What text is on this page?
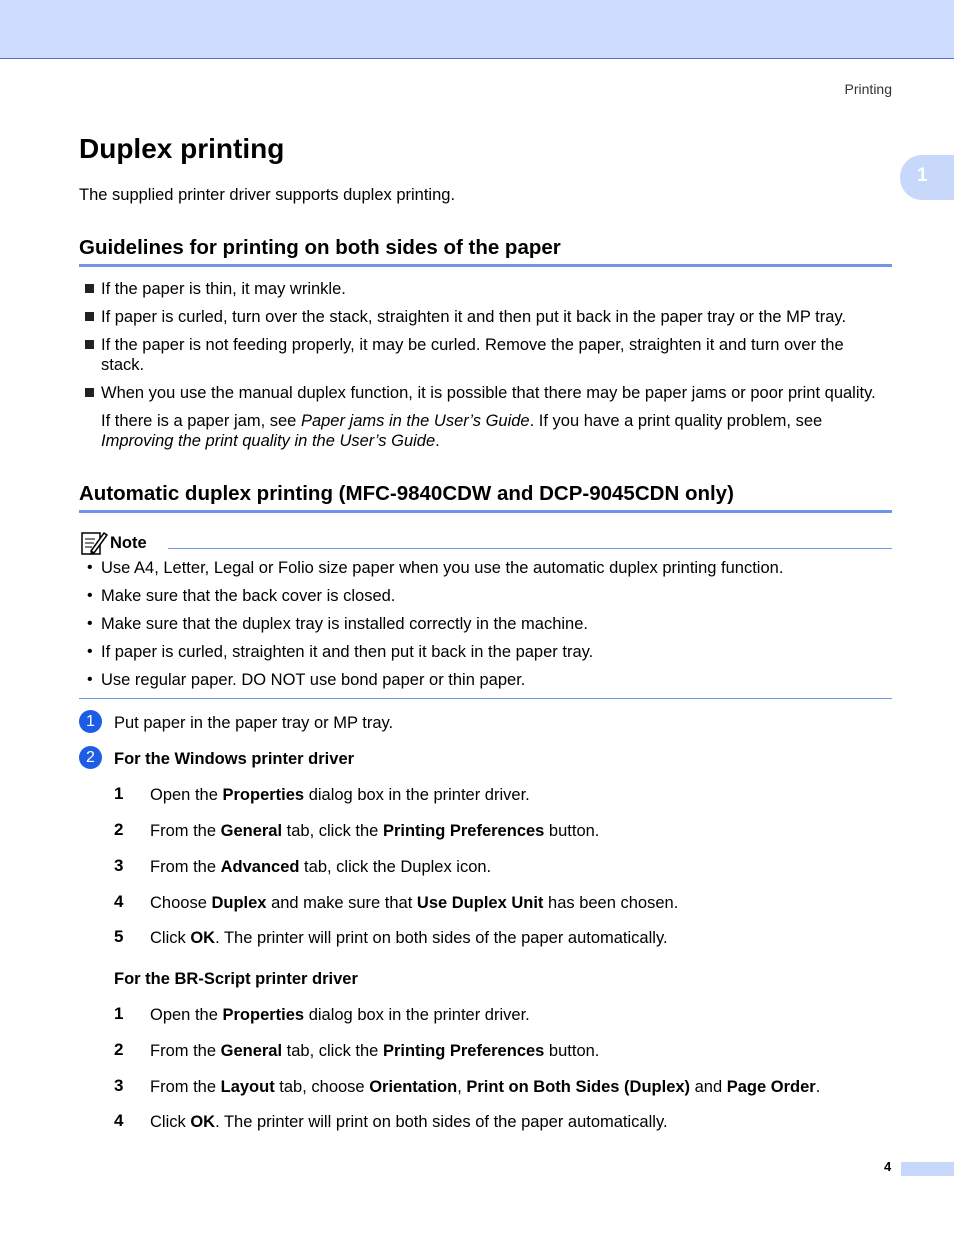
Printing
1
Duplex printing

The supplied printer driver supports duplex printing.

Guidelines for printing on both sides of the paper

If the paper is thin, it may wrinkle.

If paper is curled, turn over the stack, straighten it and then put it back in the paper tray or the MP tray.

If the paper is not feeding properly, it may be curled. Remove the paper, straighten it and turn over the

stack.

When you use the manual duplex function, it is possible that there may be paper jams or poor print quality.

If there is a paper jam, see Paper jams in the User’s Guide. If you have a print quality problem, see

Improving the print quality in the User’s Guide.

Automatic duplex printing (MFC-9840CDW and DCP-9045CDN only)
Note
• Use A4, Letter, Legal or Folio size paper when you use the automatic duplex printing function.

• Make sure that the back cover is closed.

• Make sure that the duplex tray is installed correctly in the machine.

• If paper is curled, straighten it and then put it back in the paper tray.

• Use regular paper. DO NOT use bond paper or thin paper.

1	Put paper in the paper tray or MP tray.

2	For the Windows printer driver

1 Open the Properties dialog box in the printer driver.

2 From the General tab, click the Printing Preferences button.

3 From the Advanced tab, click the Duplex icon.

4 Choose Duplex and make sure that Use Duplex Unit has been chosen.

5 Click OK. The printer will print on both sides of the paper automatically.

For the BR-Script printer driver

1 Open the Properties dialog box in the printer driver.

2 From the General tab, click the Printing Preferences button.

3 From the Layout tab, choose Orientation, Print on Both Sides (Duplex) and Page Order.

4 Click OK. The printer will print on both sides of the paper automatically.

4
